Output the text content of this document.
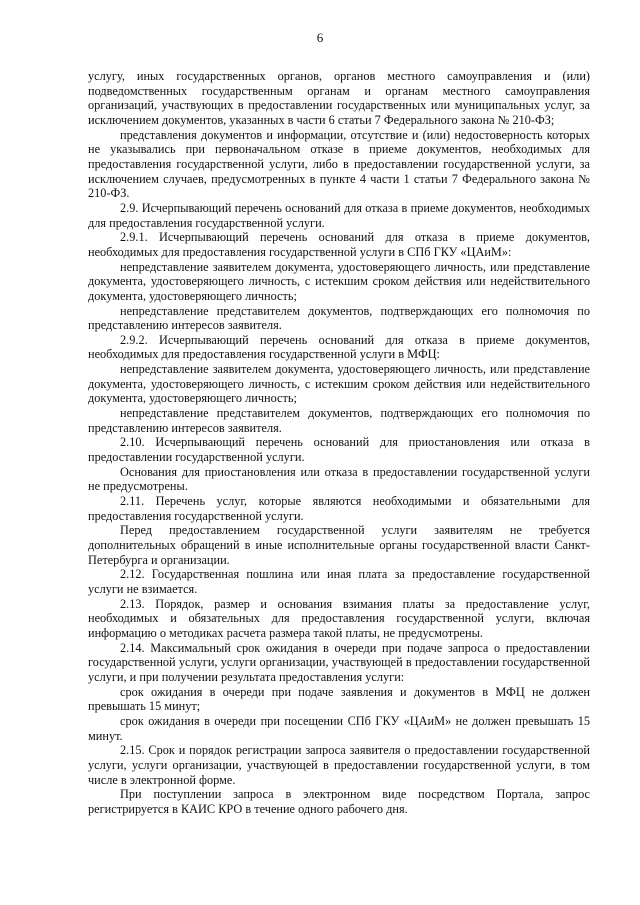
6

услугу, иных государственных органов, органов местного самоуправления и (или) подведомственных государственным органам и органам местного самоуправления организаций, участвующих в предоставлении государственных или муниципальных услуг, за исключением документов, указанных в части 6 статьи 7 Федерального закона № 210-ФЗ;

представления документов и информации, отсутствие и (или) недостоверность которых не указывались при первоначальном отказе в приеме документов, необходимых для предоставления государственной услуги, либо в предоставлении государственной услуги, за исключением случаев, предусмотренных в пункте 4 части 1 статьи 7 Федерального закона № 210-ФЗ.

2.9. Исчерпывающий перечень оснований для отказа в приеме документов, необходимых для предоставления государственной услуги.

2.9.1. Исчерпывающий перечень оснований для отказа в приеме документов, необходимых для предоставления государственной услуги в СПб ГКУ «ЦАиМ»:

непредставление заявителем документа, удостоверяющего личность, или представление документа, удостоверяющего личность, с истекшим сроком действия или недействительного документа, удостоверяющего личность;

непредставление представителем документов, подтверждающих его полномочия по представлению интересов заявителя.

2.9.2. Исчерпывающий перечень оснований для отказа в приеме документов, необходимых для предоставления государственной услуги в МФЦ:

непредставление заявителем документа, удостоверяющего личность, или представление документа, удостоверяющего личность, с истекшим сроком действия или недействительного документа, удостоверяющего личность;

непредставление представителем документов, подтверждающих его полномочия по представлению интересов заявителя.

2.10. Исчерпывающий перечень оснований для приостановления или отказа в предоставлении государственной услуги.

Основания для приостановления или отказа в предоставлении государственной услуги не предусмотрены.

2.11. Перечень услуг, которые являются необходимыми и обязательными для предоставления государственной услуги.

Перед предоставлением государственной услуги заявителям не требуется дополнительных обращений в иные исполнительные органы государственной власти Санкт-Петербурга и организации.

2.12. Государственная пошлина или иная плата за предоставление государственной услуги не взимается.

2.13. Порядок, размер и основания взимания платы за предоставление услуг, необходимых и обязательных для предоставления государственной услуги, включая информацию о методиках расчета размера такой платы, не предусмотрены.

2.14. Максимальный срок ожидания в очереди при подаче запроса о предоставлении государственной услуги, услуги организации, участвующей в предоставлении государственной услуги, и при получении результата предоставления услуги:

срок ожидания в очереди при подаче заявления и документов в МФЦ не должен превышать 15 минут;

срок ожидания в очереди при посещении СПб ГКУ «ЦАиМ» не должен превышать 15 минут.

2.15. Срок и порядок регистрации запроса заявителя о предоставлении государственной услуги, услуги организации, участвующей в предоставлении государственной услуги, в том числе в электронной форме.

При поступлении запроса в электронном виде посредством Портала, запрос регистрируется в КАИС КРО в течение одного рабочего дня.
